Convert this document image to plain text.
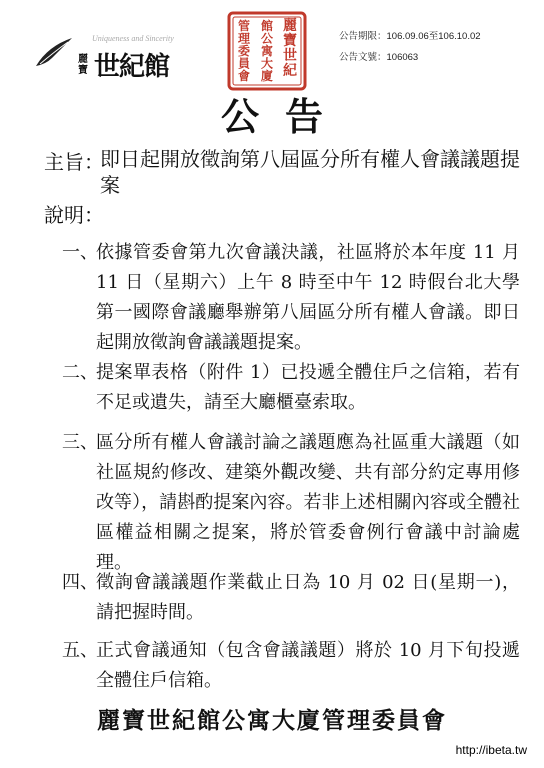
Uniqueness and Sincerity
麗寶 世紀館
麗寶世紀
館公寓大廈
管理委員會
公告期限：106.09.06至106.10.02
公告文號：106063
公告
主旨：
即日起開放徵詢第八屆區分所有權人會議議題提案
說明：
一、
依據管委會第九次會議決議，社區將於本年度 11 月 11 日（星期六）上午 8 時至中午 12 時假台北大學第一國際會議廳舉辦第八屆區分所有權人會議。即日起開放徵詢會議議題提案。
二、
提案單表格（附件 1）已投遞全體住戶之信箱，若有不足或遺失，請至大廳櫃臺索取。
三、
區分所有權人會議討論之議題應為社區重大議題（如社區規約修改、建築外觀改變、共有部分約定專用修改等），請斟酌提案內容。若非上述相關內容或全體社區權益相關之提案，將於管委會例行會議中討論處理。
四、
徵詢會議議題作業截止日為 10 月 02 日(星期一)，請把握時間。
五、
正式會議通知（包含會議議題）將於 10 月下旬投遞全體住戶信箱。
麗寶世紀館公寓大廈管理委員會
http://ibeta.tw
